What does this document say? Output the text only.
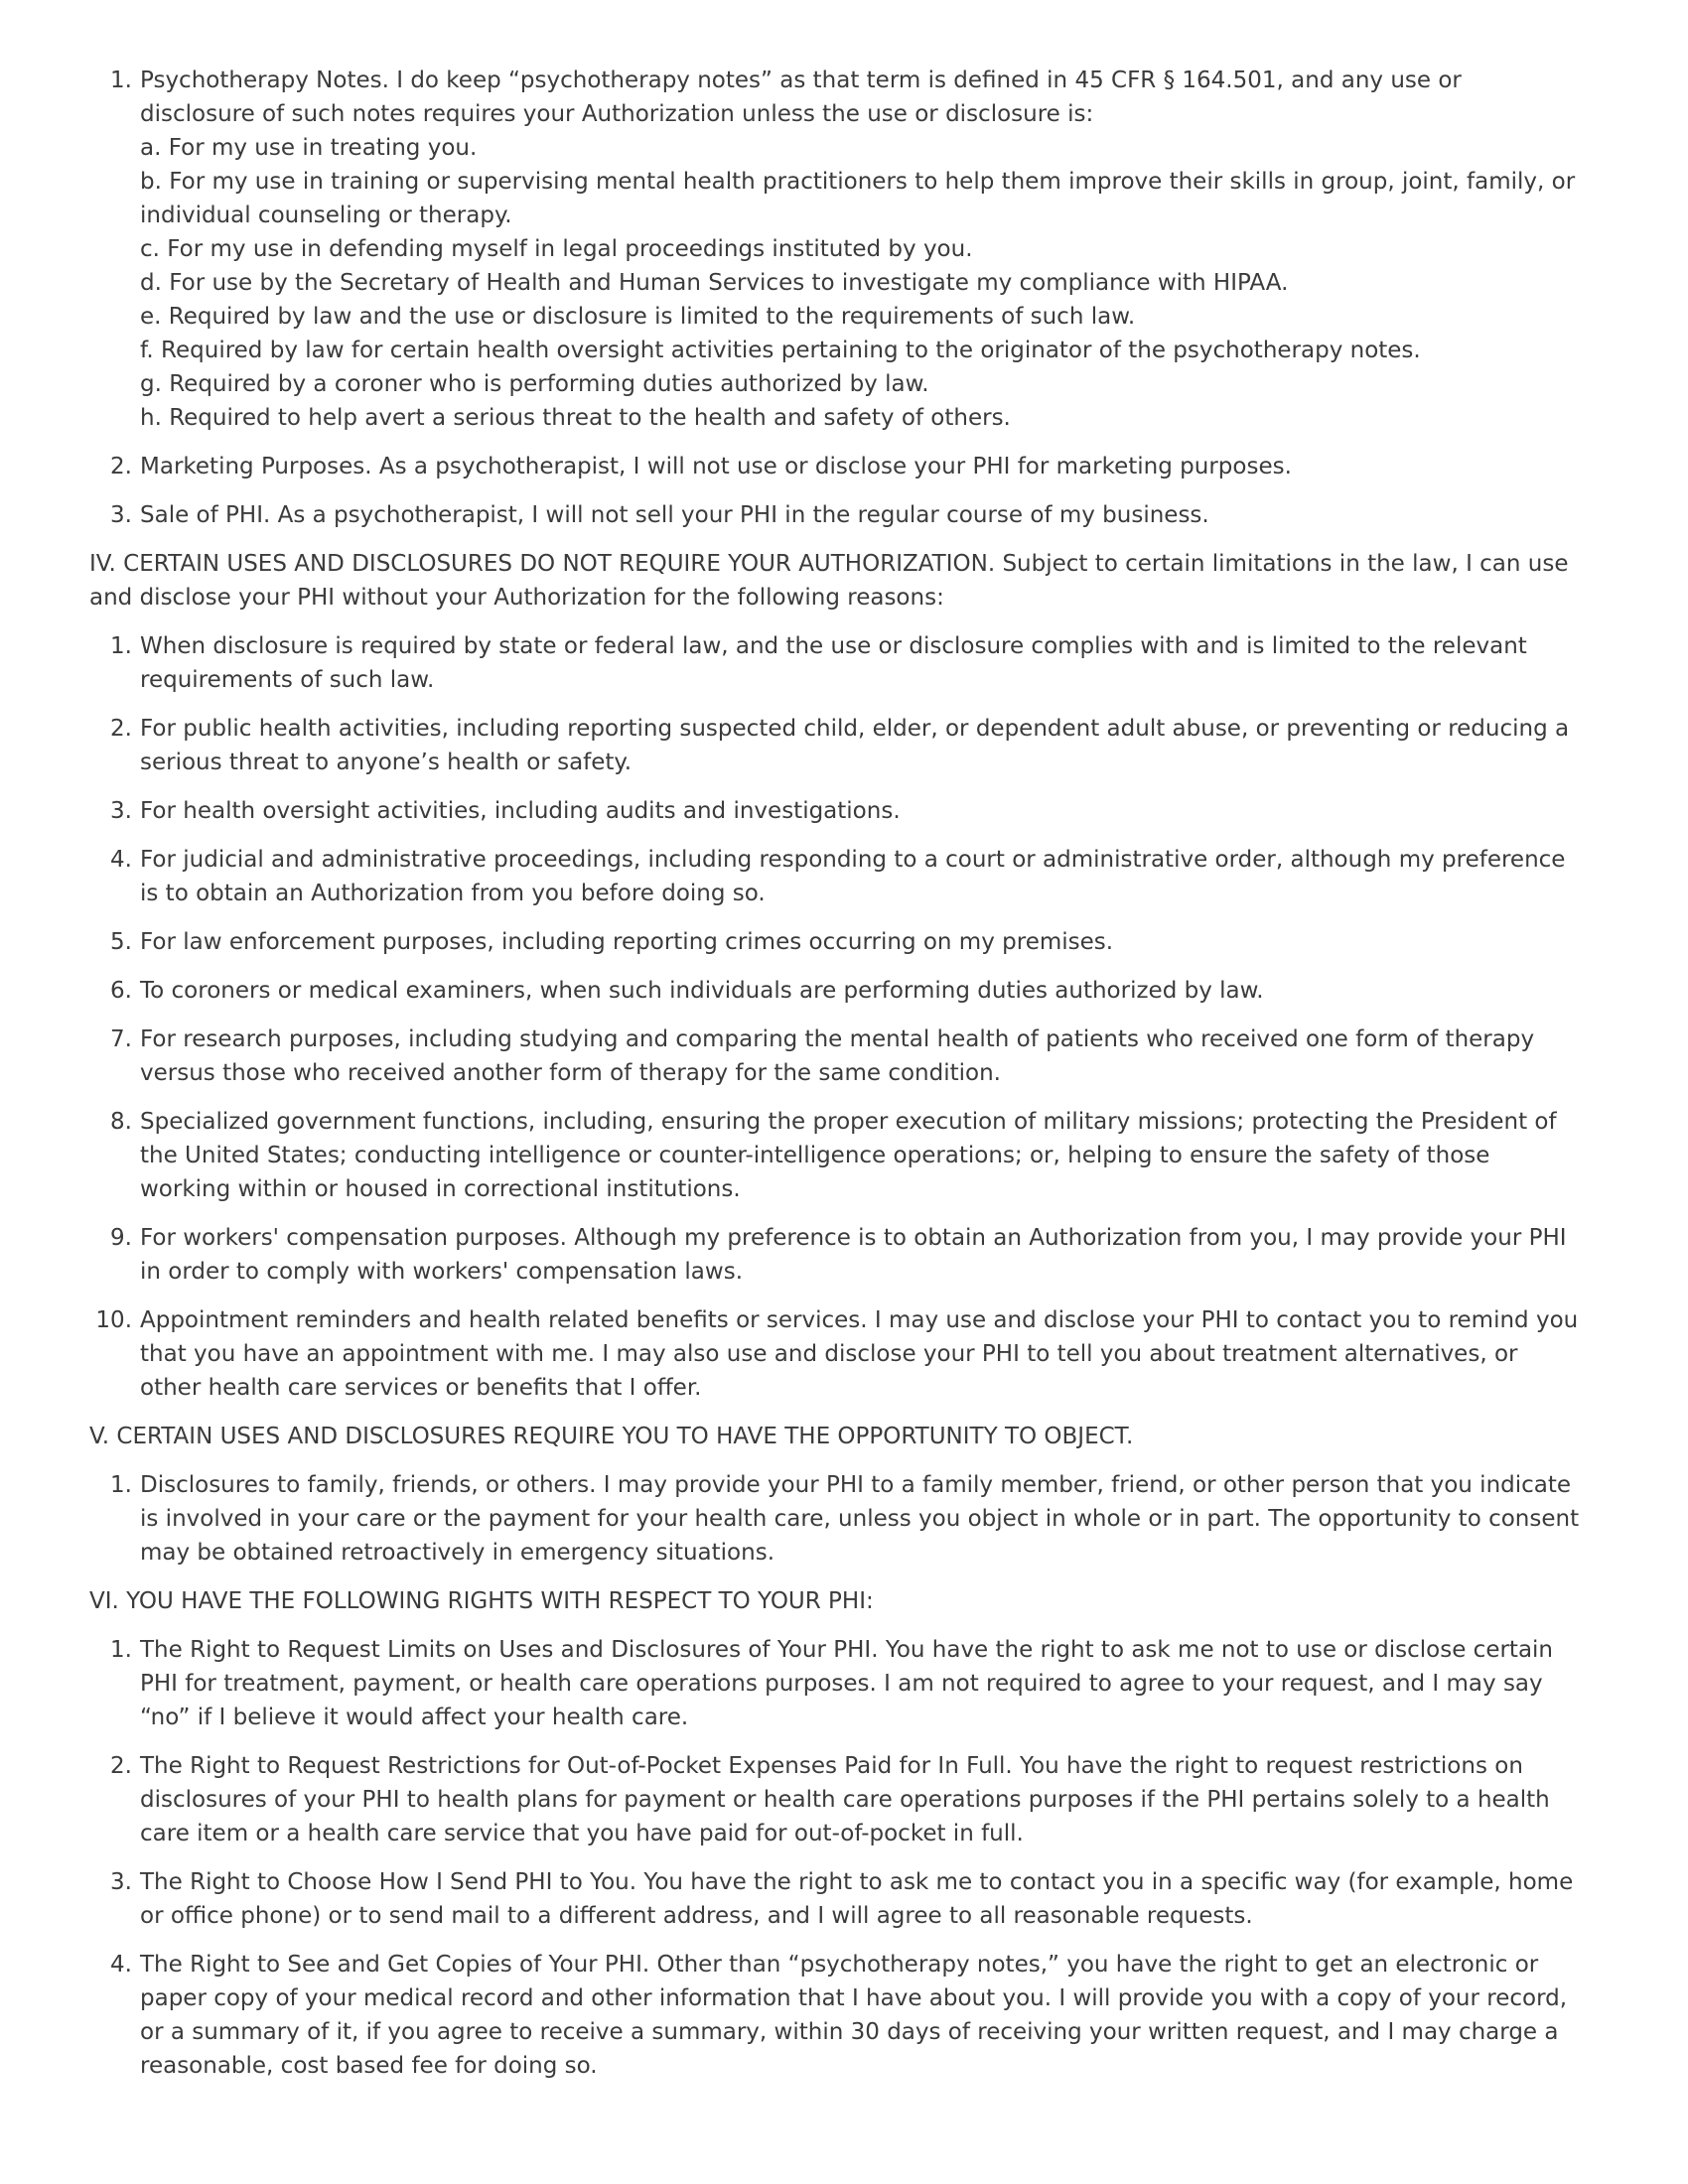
1. Psychotherapy Notes. I do keep “psychotherapy notes” as that term is defined in 45 CFR § 164.501, and any use or disclosure of such notes requires your Authorization unless the use or disclosure is:
a. For my use in treating you.
b. For my use in training or supervising mental health practitioners to help them improve their skills in group, joint, family, or individual counseling or therapy.
c. For my use in defending myself in legal proceedings instituted by you.
d. For use by the Secretary of Health and Human Services to investigate my compliance with HIPAA.
e. Required by law and the use or disclosure is limited to the requirements of such law.
f. Required by law for certain health oversight activities pertaining to the originator of the psychotherapy notes.
g. Required by a coroner who is performing duties authorized by law.
h. Required to help avert a serious threat to the health and safety of others.
2. Marketing Purposes. As a psychotherapist, I will not use or disclose your PHI for marketing purposes.
3. Sale of PHI. As a psychotherapist, I will not sell your PHI in the regular course of my business.

IV. CERTAIN USES AND DISCLOSURES DO NOT REQUIRE YOUR AUTHORIZATION. Subject to certain limitations in the law, I can use and disclose your PHI without your Authorization for the following reasons:

1. When disclosure is required by state or federal law, and the use or disclosure complies with and is limited to the relevant requirements of such law.
2. For public health activities, including reporting suspected child, elder, or dependent adult abuse, or preventing or reducing a serious threat to anyone’s health or safety.
3. For health oversight activities, including audits and investigations.
4. For judicial and administrative proceedings, including responding to a court or administrative order, although my preference is to obtain an Authorization from you before doing so.
5. For law enforcement purposes, including reporting crimes occurring on my premises.
6. To coroners or medical examiners, when such individuals are performing duties authorized by law.
7. For research purposes, including studying and comparing the mental health of patients who received one form of therapy versus those who received another form of therapy for the same condition.
8. Specialized government functions, including, ensuring the proper execution of military missions; protecting the President of the United States; conducting intelligence or counter-intelligence operations; or, helping to ensure the safety of those working within or housed in correctional institutions.
9. For workers' compensation purposes. Although my preference is to obtain an Authorization from you, I may provide your PHI in order to comply with workers' compensation laws.
10. Appointment reminders and health related benefits or services. I may use and disclose your PHI to contact you to remind you that you have an appointment with me. I may also use and disclose your PHI to tell you about treatment alternatives, or other health care services or benefits that I offer.

V. CERTAIN USES AND DISCLOSURES REQUIRE YOU TO HAVE THE OPPORTUNITY TO OBJECT.

1. Disclosures to family, friends, or others. I may provide your PHI to a family member, friend, or other person that you indicate is involved in your care or the payment for your health care, unless you object in whole or in part. The opportunity to consent may be obtained retroactively in emergency situations.

VI. YOU HAVE THE FOLLOWING RIGHTS WITH RESPECT TO YOUR PHI:

1. The Right to Request Limits on Uses and Disclosures of Your PHI. You have the right to ask me not to use or disclose certain PHI for treatment, payment, or health care operations purposes. I am not required to agree to your request, and I may say “no” if I believe it would affect your health care.
2. The Right to Request Restrictions for Out-of-Pocket Expenses Paid for In Full. You have the right to request restrictions on disclosures of your PHI to health plans for payment or health care operations purposes if the PHI pertains solely to a health care item or a health care service that you have paid for out-of-pocket in full.
3. The Right to Choose How I Send PHI to You. You have the right to ask me to contact you in a specific way (for example, home or office phone) or to send mail to a different address, and I will agree to all reasonable requests.
4. The Right to See and Get Copies of Your PHI. Other than “psychotherapy notes,” you have the right to get an electronic or paper copy of your medical record and other information that I have about you. I will provide you with a copy of your record, or a summary of it, if you agree to receive a summary, within 30 days of receiving your written request, and I may charge a reasonable, cost based fee for doing so.
